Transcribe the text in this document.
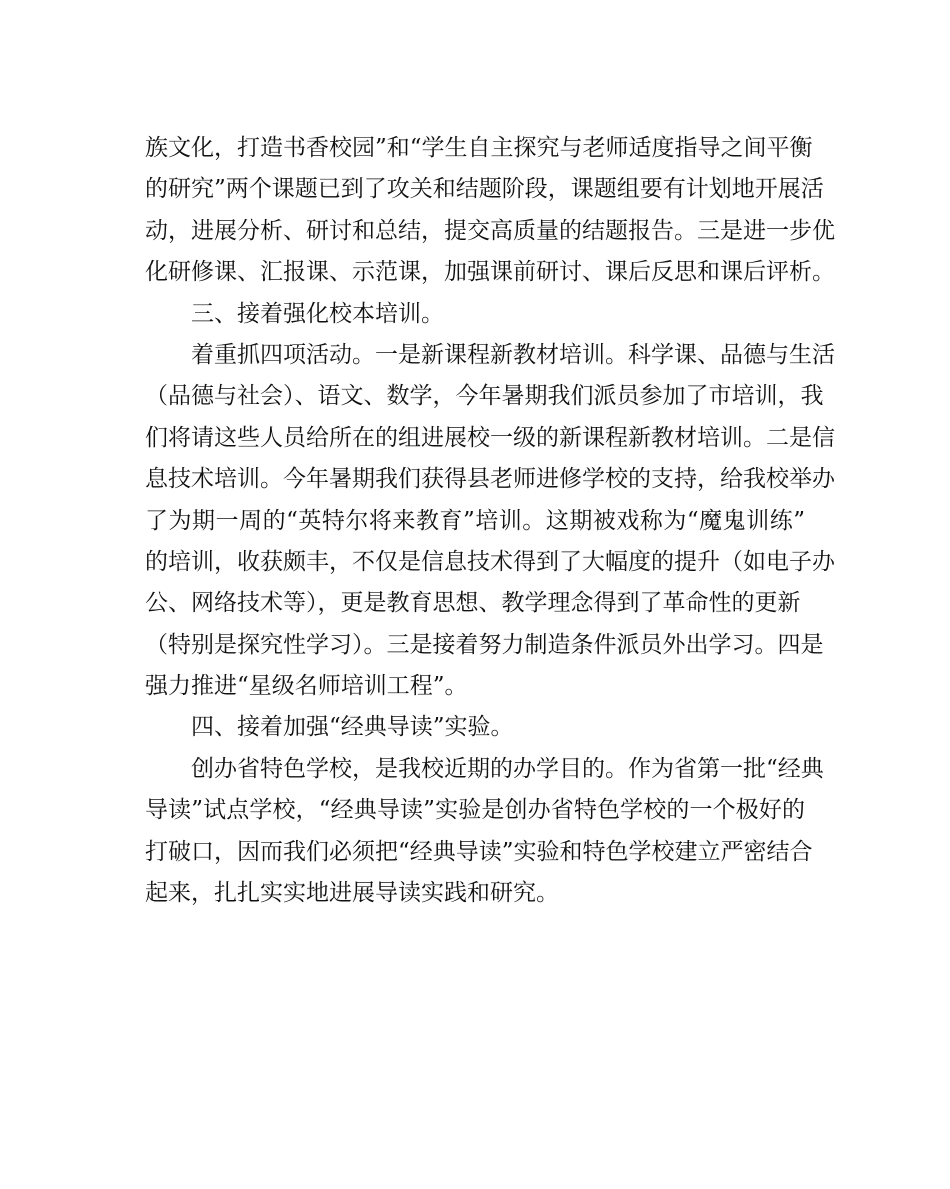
族文化，打造书香校园”和“学生自主探究与老师适度指导之间平衡
的研究”两个课题已到了攻关和结题阶段，课题组要有计划地开展活
动，进展分析、研讨和总结，提交高质量的结题报告。三是进一步优
化研修课、汇报课、示范课，加强课前研讨、课后反思和课后评析。
三、接着强化校本培训。
着重抓四项活动。一是新课程新教材培训。科学课、品德与生活
（品德与社会）、语文、数学，今年暑期我们派员参加了市培训，我
们将请这些人员给所在的组进展校一级的新课程新教材培训。二是信
息技术培训。今年暑期我们获得县老师进修学校的支持，给我校举办
了为期一周的“英特尔将来教育”培训。这期被戏称为“魔鬼训练”
的培训，收获颇丰，不仅是信息技术得到了大幅度的提升（如电子办
公、网络技术等），更是教育思想、教学理念得到了革命性的更新
（特别是探究性学习）。三是接着努力制造条件派员外出学习。四是
强力推进“星级名师培训工程”。
四、接着加强“经典导读”实验。
创办省特色学校，是我校近期的办学目的。作为省第一批“经典
导读”试点学校，“经典导读”实验是创办省特色学校的一个极好的
打破口，因而我们必须把“经典导读”实验和特色学校建立严密结合
起来，扎扎实实地进展导读实践和研究。
